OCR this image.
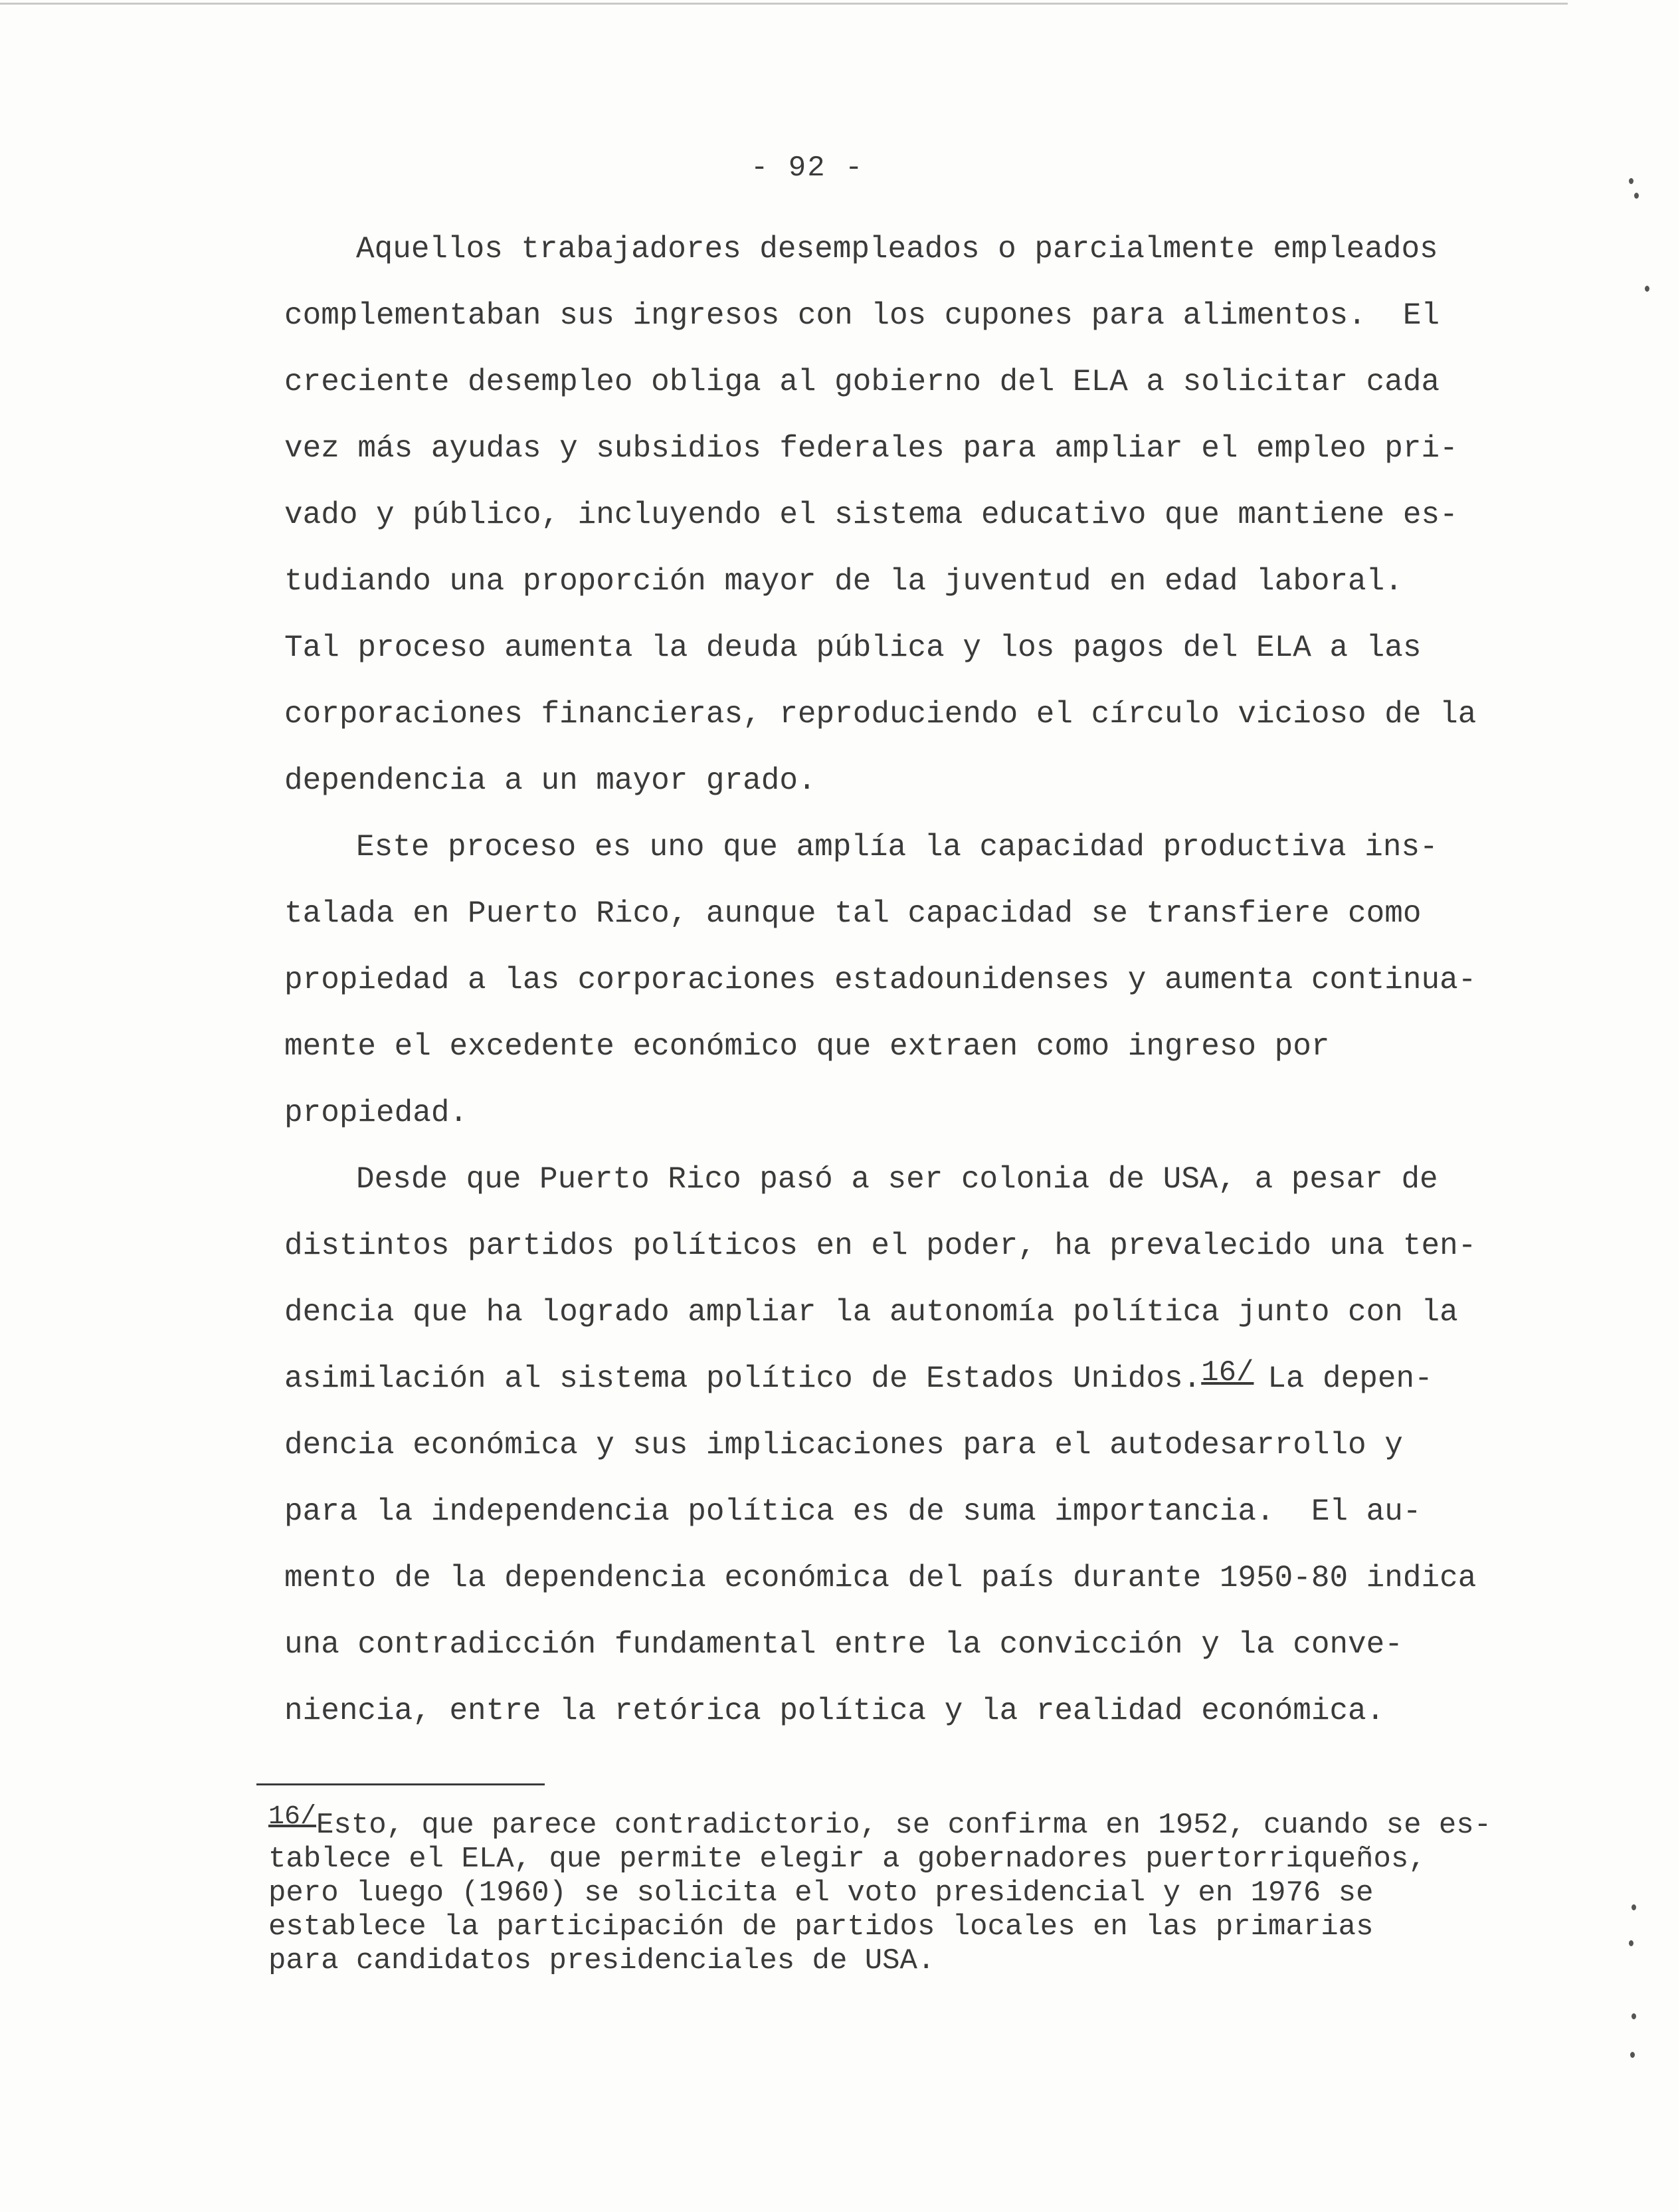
- 92 -
Aquellos trabajadores desempleados o parcialmente empleados
complementaban sus ingresos con los cupones para alimentos.  El
creciente desempleo obliga al gobierno del ELA a solicitar cada
vez más ayudas y subsidios federales para ampliar el empleo pri-
vado y público, incluyendo el sistema educativo que mantiene es-
tudiando una proporción mayor de la juventud en edad laboral.
Tal proceso aumenta la deuda pública y los pagos del ELA a las
corporaciones financieras, reproduciendo el círculo vicioso de la
dependencia a un mayor grado.
Este proceso es uno que amplía la capacidad productiva ins-
talada en Puerto Rico, aunque tal capacidad se transfiere como
propiedad a las corporaciones estadounidenses y aumenta continua-
mente el excedente económico que extraen como ingreso por
propiedad.
Desde que Puerto Rico pasó a ser colonia de USA, a pesar de
distintos partidos políticos en el poder, ha prevalecido una ten-
dencia que ha logrado ampliar la autonomía política junto con la
asimilación al sistema político de Estados Unidos. 16/ La depen-
dencia económica y sus implicaciones para el autodesarrollo y
para la independencia política es de suma importancia.  El au-
mento de la dependencia económica del país durante 1950-80 indica
una contradicción fundamental entre la convicción y la conve-
niencia, entre la retórica política y la realidad económica.
16/Esto, que parece contradictorio, se confirma en 1952, cuando se es-
tablece el ELA, que permite elegir a gobernadores puertorriqueños,
pero luego (1960) se solicita el voto presidencial y en 1976 se
establece la participación de partidos locales en las primarias
para candidatos presidenciales de USA.
